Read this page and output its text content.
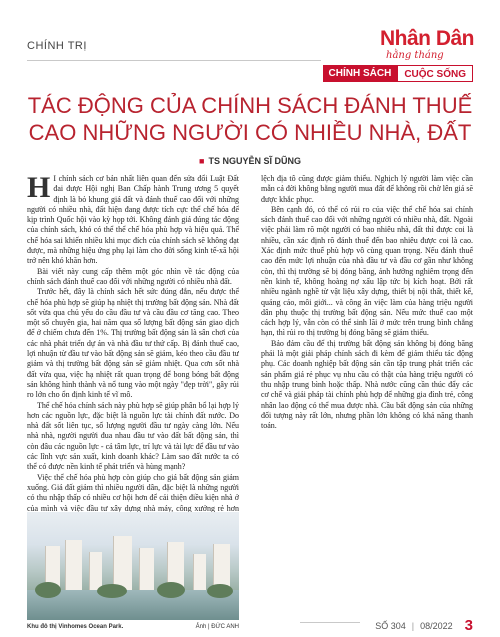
CHÍNH TRỊ	Nhân Dân
hằng tháng
CHÍNH SÁCH	CUỘC SỐNG
TÁC ĐỘNG CỦA CHÍNH SÁCH ĐÁNH THUẾ CAO NHỮNG NGƯỜI CÓ NHIỀU NHÀ, ĐẤT
■ TS NGUYỄN SĨ DŨNG

H I chính sách cơ bản nhất liên quan đến sửa đổi Luật Đất đai được Hội nghị Ban Chấp hành Trung ương 5 quyết định là bỏ khung giá đất và đánh thuế cao đối với những người có nhiều nhà, đất hiện đang được tích cực thể chế hóa để kịp trình Quốc hội vào kỳ họp tới. Không đánh giá đúng tác động của chính sách, khó có thể thể chế hóa phù hợp và hiệu quả. Thể chế hóa sai khiến nhiều khi mục đích của chính sách sẽ không đạt được, mà những hiệu ứng phụ lại làm cho đời sống kinh tế-xã hội trở nên khó khăn hơn.

Bài viết này cung cấp thêm một góc nhìn về tác động của chính sách đánh thuế cao đối với những người có nhiều nhà đất.

Trước hết, đây là chính sách hết sức đúng đắn, nếu được thể chế hóa phù hợp sẽ giúp hạ nhiệt thị trường bất động sản. Nhà đất sốt vừa qua chủ yếu do cầu đầu tư và cầu đầu cơ tăng cao. Theo một số chuyên gia, hai năm qua số lượng bất động sản giao dịch để ở chiếm chưa đến 1%. Thị trường bất động sản là sân chơi của các nhà phát triển dự án và nhà đầu tư thứ cấp. Bị đánh thuế cao, lợi nhuận từ đầu tư vào bất động sản sẽ giảm, kéo theo cầu đầu tư giảm và thị trường bất động sản sẽ giảm nhiệt. Qua cơn sốt nhà đất vừa qua, việc hạ nhiệt rất quan trọng để bong bóng bất động sản không hình thành và nổ tung vào một ngày "đẹp trời", gây rủi ro lớn cho ổn định kinh tế vĩ mô.

Thể chế hóa chính sách này phù hợp sẽ giúp phân bổ lại hợp lý hơn các nguồn lực, đặc biệt là nguồn lực tài chính đất nước. Do nhà đất sốt liên tục, số lượng người đầu tư ngày càng lớn. Nếu nhà nhà, người người đua nhau đầu tư vào đất bất động sản, thì còn đâu các nguồn lực - cả tâm lực, trí lực và tài lực để đầu tư vào các lĩnh vực sản xuất, kinh doanh khác? Làm sao đất nước ta có thể có được nền kinh tế phát triển và hùng mạnh?

Việc thể chế hóa phù hợp còn giúp cho giá bất động sản giảm xuống. Giá đất giảm thì nhiều người dân, đặc biệt là những người có thu nhập thấp có nhiều cơ hội hơn để cải thiện điều kiện nhà ở của mình và việc đầu tư xây dựng nhà máy, công xưởng rẻ hơn

Khu đô thị Vinhomes Ocean Park.	Ảnh | ĐỨC ANH

lệch địa tô cũng được giảm thiểu. Nghịch lý người làm việc cần mẫn cả đời không bằng người mua đất để không rồi chờ lên giá sẽ được khắc phục.

Bên cạnh đó, có thể có rủi ro của việc thể chế hóa sai chính sách đánh thuế cao đối với những người có nhiều nhà, đất. Ngoài việc phải làm rõ một người có bao nhiêu nhà, đất thì được coi là nhiều, cần xác định rõ đánh thuế đến bao nhiêu được coi là cao. Xác định mức thuế phù hợp vô cùng quan trọng. Nếu đánh thuế cao đến mức lợi nhuận của nhà đầu tư và đầu cơ gần như không còn, thì thị trường sẽ bị đóng băng, ảnh hưởng nghiêm trọng đến nền kinh tế, không hoàng nợ xấu lập tức bị kích hoạt. Bởi rất nhiều ngành nghề từ vật liệu xây dựng, thiết bị nội thất, thiết kế, quảng cáo, môi giới... và công ăn việc làm của hàng triệu người dân phụ thuộc thị trường bất động sản. Nếu mức thuế cao một cách hợp lý, vẫn còn có thể sinh lãi ở mức trên trung bình chẳng hạn, thì rủi ro thị trường bị đóng băng sẽ giảm thiểu.

Bảo đảm cầu để thị trường bất động sản không bị đóng băng phải là một giải pháp chính sách đi kèm để giảm thiểu tác động phụ. Các doanh nghiệp bất động sản cần tập trung phát triển các sản phẩm giá rẻ phục vụ nhu cầu có thật của hàng triệu người có thu nhập trung bình hoặc thấp. Nhà nước cũng cần thúc đẩy các cơ chế và giải pháp tài chính phù hợp để những gia đình trẻ, công nhân lao động có thể mua được nhà. Cầu bất động sản của những đối tượng này rất lớn, nhưng phần lớn không có khả năng thanh toán.

SỐ 304 | 08/2022 3
